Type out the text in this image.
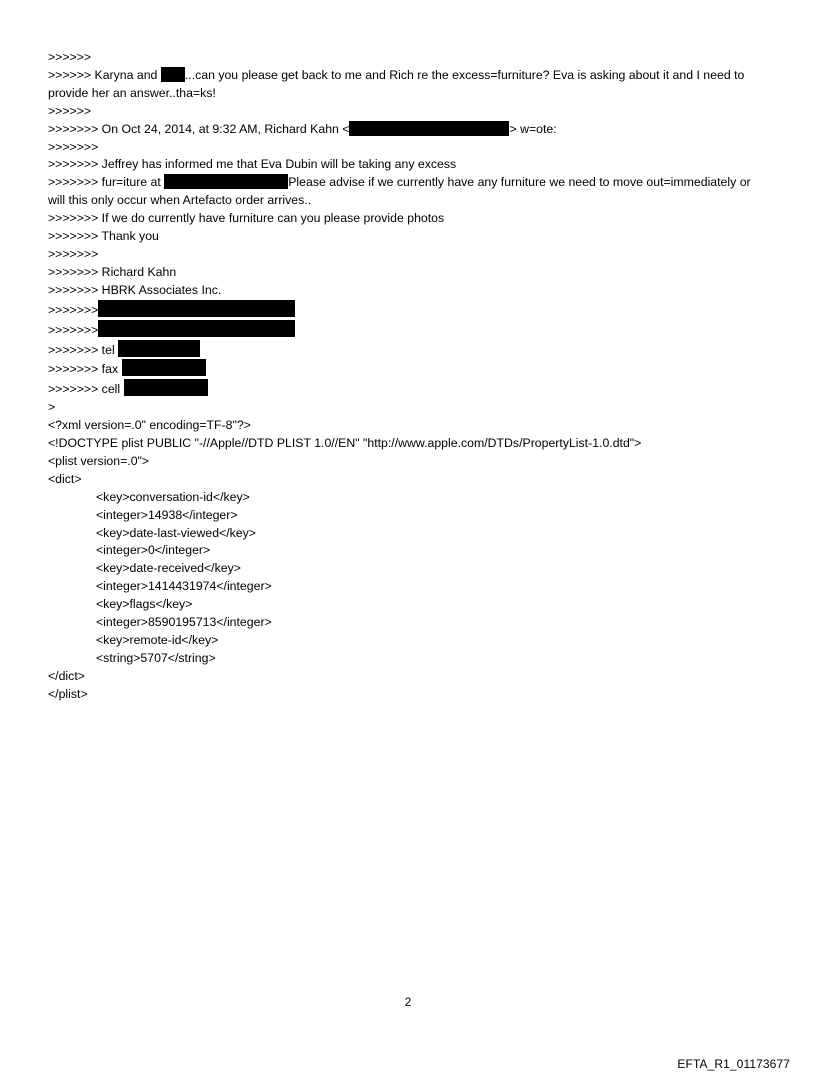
>>>>>>
>>>>>> Karyna and ...can you please get back to me and Rich re the excess=furniture? Eva is asking about it and I need to provide her an answer..tha=ks!
>>>>>>
>>>>>>> On Oct 24, 2014, at 9:32 AM, Richard Kahn <	> w=ote:
>>>>>>>
>>>>>>> Jeffrey has informed me that Eva Dubin will be taking any excess
>>>>>>> fur=iture at	Please advise if we currently have any furniture we need to move out=immediately or will this only occur when Artefacto order arrives..
>>>>>>> If we do currently have furniture can you please provide photos
>>>>>>> Thank you
>>>>>>>
>>>>>>> Richard Kahn
>>>>>>> HBRK Associates Inc.
>>>>>>>
>>>>>>>
>>>>>>> tel
>>>>>>> fax
>>>>>>> cell
>
<?xml version=.0" encoding=TF-8"?>
<!DOCTYPE plist PUBLIC "-//Apple//DTD PLIST 1.0//EN" "http://www.apple.com/DTDs/PropertyList-1.0.dtd">
<plist version=.0">
<dict>
<key>conversation-id</key>
<integer>14938</integer>
<key>date-last-viewed</key>
<integer>0</integer>
<key>date-received</key>
<integer>1414431974</integer>
<key>flags</key>
<integer>8590195713</integer>
<key>remote-id</key>
<string>5707</string>
</dict>
</plist>
2
EFTA_R1_01173677
